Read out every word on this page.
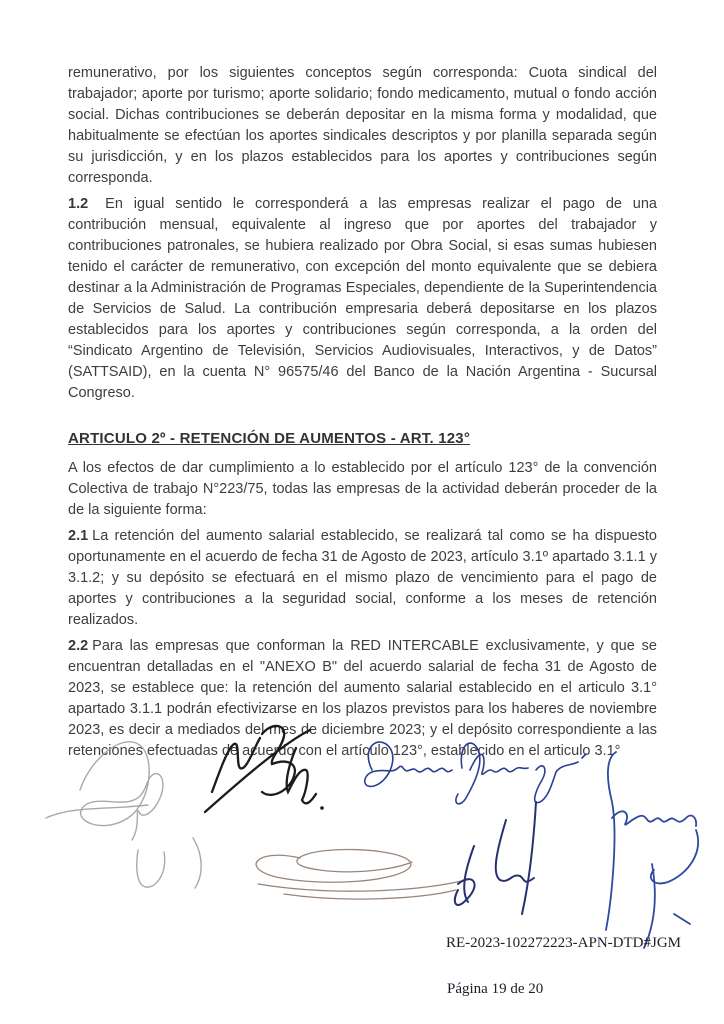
remunerativo, por los siguientes conceptos según corresponda: Cuota sindical del trabajador; aporte por turismo; aporte solidario; fondo medicamento, mutual o fondo acción social. Dichas contribuciones se deberán depositar en la misma forma y modalidad, que habitualmente se efectúan los aportes sindicales descriptos y por planilla separada según su jurisdicción, y en los plazos establecidos para los aportes y contribuciones según corresponda.

1.2 En igual sentido le corresponderá a las empresas realizar el pago de una contribución mensual, equivalente al ingreso que por aportes del trabajador y contribuciones patronales, se hubiera realizado por Obra Social, si esas sumas hubiesen tenido el carácter de remunerativo, con excepción del monto equivalente que se debiera destinar a la Administración de Programas Especiales, dependiente de la Superintendencia de Servicios de Salud. La contribución empresaria deberá depositarse en los plazos establecidos para los aportes y contribuciones según corresponda, a la orden del “Sindicato Argentino de Televisión, Servicios Audiovisuales, Interactivos, y de Datos” (SATTSAID), en la cuenta N° 96575/46 del Banco de la Nación Argentina - Sucursal Congreso.

ARTICULO 2º - RETENCIÓN DE AUMENTOS - ART. 123°

A los efectos de dar cumplimiento a lo establecido por el artículo 123° de la convención Colectiva de trabajo N°223/75, todas las empresas de la actividad deberán proceder de la de la siguiente forma:

2.1 La retención del aumento salarial establecido, se realizará tal como se ha dispuesto oportunamente en el acuerdo de fecha 31 de Agosto de 2023, artículo 3.1º apartado 3.1.1 y 3.1.2; y su depósito se efectuará en el mismo plazo de vencimiento para el pago de aportes y contribuciones a la seguridad social, conforme a los meses de retención realizados.

2.2 Para las empresas que conforman la RED INTERCABLE exclusivamente, y que se encuentran detalladas en el "ANEXO B" del acuerdo salarial de fecha 31 de Agosto de 2023, se establece que: la retención del aumento salarial establecido en el articulo 3.1° apartado 3.1.1 podrán efectivizarse en los plazos previstos para los haberes de noviembre 2023, es decir a mediados del mes de diciembre 2023; y el depósito correspondiente a las retenciones efectuadas de acuerdo con el artículo 123°, establecido en el articulo 3.1°

RE-2023-102272223-APN-DTD#JGM
Página 19 de 20
